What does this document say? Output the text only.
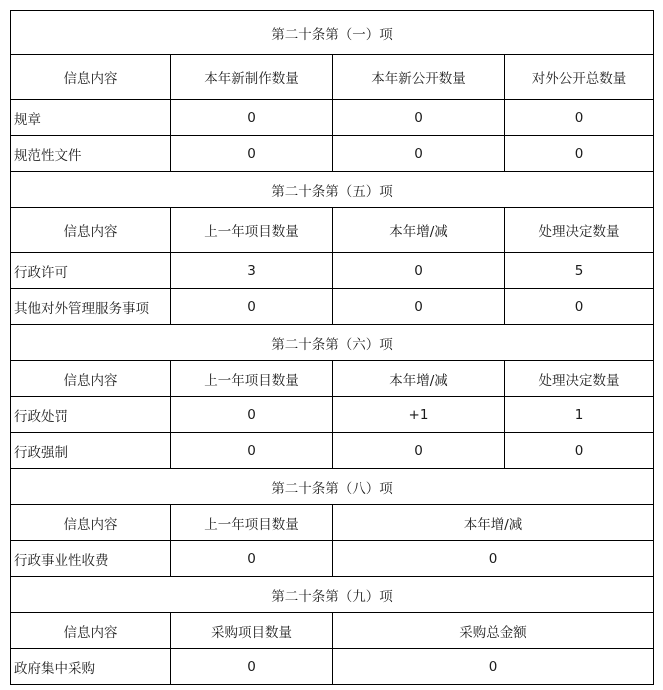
第二十条第（一）项			
信息内容	本年新制作数量	本年新公开数量	对外公开总数量
规章	0	0	0
规范性文件	0	0	0
第二十条第（五）项			
信息内容	上一年项目数量	本年增/减	处理决定数量
行政许可	3	0	5
其他对外管理服务事项	0	0	0
第二十条第（六）项			
信息内容	上一年项目数量	本年增/减	处理决定数量
行政处罚	0	+1	1
行政强制	0	0	0
第二十条第（八）项			
信息内容	上一年项目数量	本年增/减	
行政事业性收费	0	0	
第二十条第（九）项			
信息内容	采购项目数量	采购总金额	
政府集中采购	0	0	
